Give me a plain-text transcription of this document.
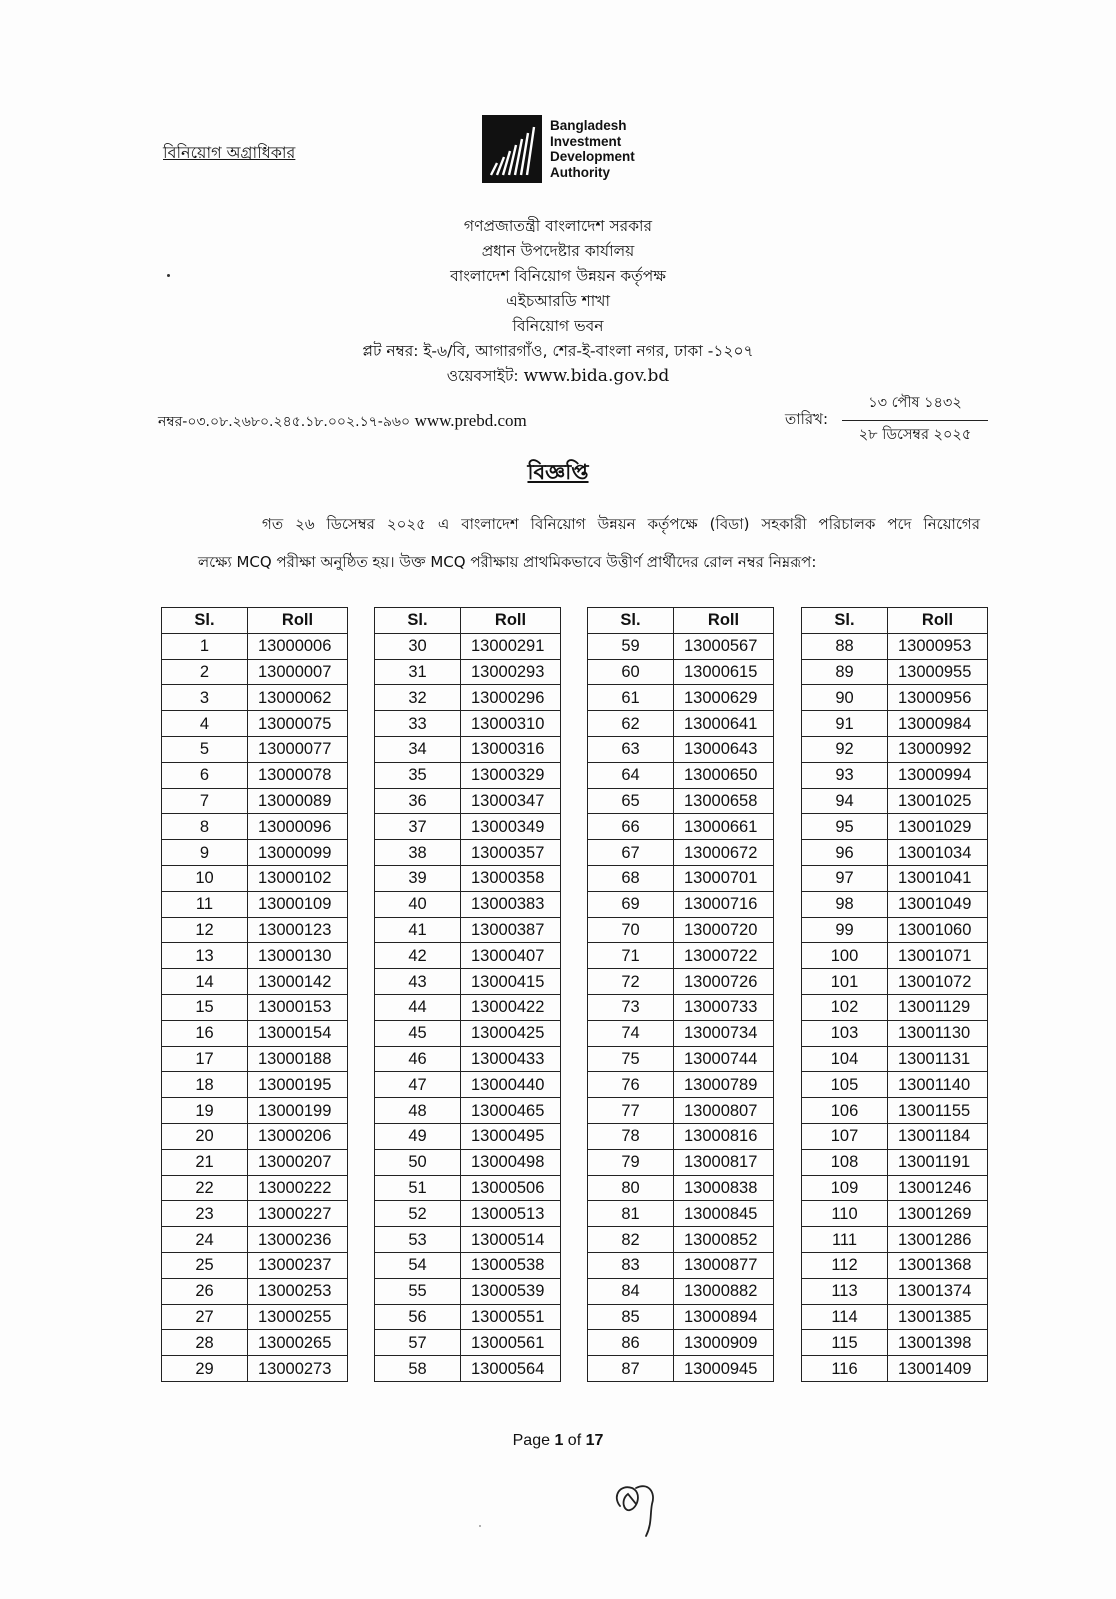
বিনিয়োগ অগ্রাধিকার
Bangladesh
Investment
Development
Authority
গণপ্রজাতন্ত্রী বাংলাদেশ সরকার
প্রধান উপদেষ্টার কার্যালয়
বাংলাদেশ বিনিয়োগ উন্নয়ন কর্তৃপক্ষ
এইচআরডি শাখা
বিনিয়োগ ভবন
প্লট নম্বর: ই-৬/বি, আগারগাঁও, শের-ই-বাংলা নগর, ঢাকা -১২০৭
ওয়েবসাইট: www.bida.gov.bd
নম্বর-০৩.০৮.২৬৮০.২৪৫.১৮.০০২.১৭-৯৬০ www.prebd.com	তারিখ:
১৩ পৌষ ১৪৩২
২৮ ডিসেম্বর ২০২৫
বিজ্ঞপ্তি
গত ২৬ ডিসেম্বর ২০২৫ এ বাংলাদেশ বিনিয়োগ উন্নয়ন কর্তৃপক্ষে (বিডা) সহকারী পরিচালক পদে নিয়োগের
লক্ষ্যে MCQ পরীক্ষা অনুষ্ঠিত হয়। উক্ত MCQ পরীক্ষায় প্রাথমিকভাবে উত্তীর্ণ প্রার্থীদের রোল নম্বর নিম্নরূপ:
Sl.	Roll
1	13000006
2	13000007
3	13000062
4	13000075
5	13000077
6	13000078
7	13000089
8	13000096
9	13000099
10	13000102
11	13000109
12	13000123
13	13000130
14	13000142
15	13000153
16	13000154
17	13000188
18	13000195
19	13000199
20	13000206
21	13000207
22	13000222
23	13000227
24	13000236
25	13000237
26	13000253
27	13000255
28	13000265
29	13000273
Sl.	Roll
30	13000291
31	13000293
32	13000296
33	13000310
34	13000316
35	13000329
36	13000347
37	13000349
38	13000357
39	13000358
40	13000383
41	13000387
42	13000407
43	13000415
44	13000422
45	13000425
46	13000433
47	13000440
48	13000465
49	13000495
50	13000498
51	13000506
52	13000513
53	13000514
54	13000538
55	13000539
56	13000551
57	13000561
58	13000564
Sl.	Roll
59	13000567
60	13000615
61	13000629
62	13000641
63	13000643
64	13000650
65	13000658
66	13000661
67	13000672
68	13000701
69	13000716
70	13000720
71	13000722
72	13000726
73	13000733
74	13000734
75	13000744
76	13000789
77	13000807
78	13000816
79	13000817
80	13000838
81	13000845
82	13000852
83	13000877
84	13000882
85	13000894
86	13000909
87	13000945
Sl.	Roll
88	13000953
89	13000955
90	13000956
91	13000984
92	13000992
93	13000994
94	13001025
95	13001029
96	13001034
97	13001041
98	13001049
99	13001060
100	13001071
101	13001072
102	13001129
103	13001130
104	13001131
105	13001140
106	13001155
107	13001184
108	13001191
109	13001246
110	13001269
111	13001286
112	13001368
113	13001374
114	13001385
115	13001398
116	13001409
Page 1 of 17
